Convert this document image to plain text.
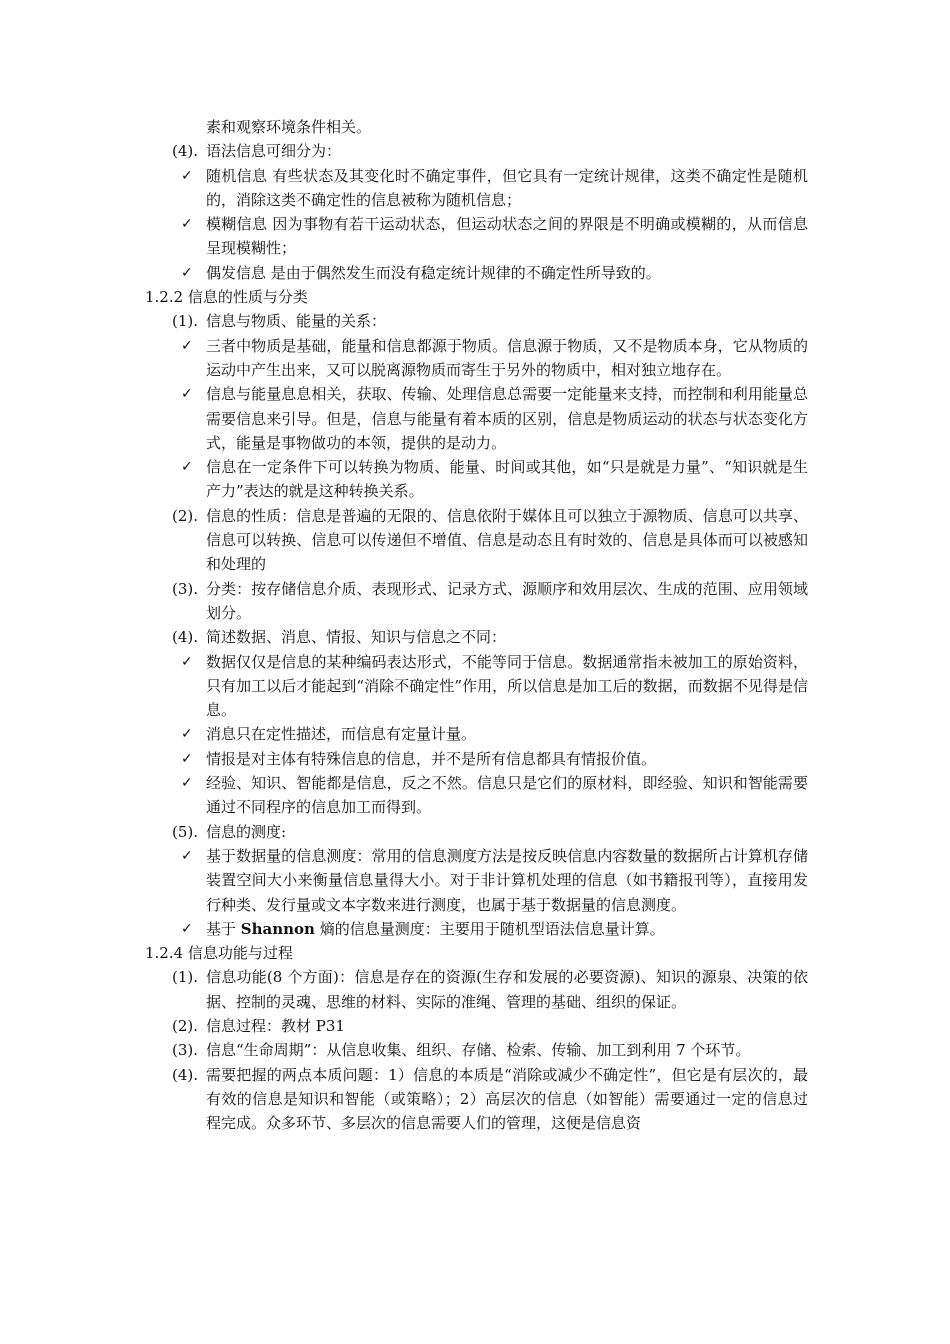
素和观察环境条件相关。
(4). 语法信息可细分为：
✓ 随机信息 有些状态及其变化时不确定事件，但它具有一定统计规律，这类不确定性是随机的，消除这类不确定性的信息被称为随机信息；
✓ 模糊信息 因为事物有若干运动状态，但运动状态之间的界限是不明确或模糊的，从而信息呈现模糊性；
✓ 偶发信息 是由于偶然发生而没有稳定统计规律的不确定性所导致的。
1.2.2 信息的性质与分类
(1). 信息与物质、能量的关系：
✓ 三者中物质是基础，能量和信息都源于物质。信息源于物质，又不是物质本身，它从物质的运动中产生出来，又可以脱离源物质而寄生于另外的物质中，相对独立地存在。
✓ 信息与能量息息相关，获取、传输、处理信息总需要一定能量来支持，而控制和利用能量总需要信息来引导。但是，信息与能量有着本质的区别，信息是物质运动的状态与状态变化方式，能量是事物做功的本领，提供的是动力。
✓ 信息在一定条件下可以转换为物质、能量、时间或其他，如“只是就是力量”、“知识就是生产力”表达的就是这种转换关系。
(2). 信息的性质：信息是普遍的无限的、信息依附于媒体且可以独立于源物质、信息可以共享、信息可以转换、信息可以传递但不增值、信息是动态且有时效的、信息是具体而可以被感知和处理的
(3). 分类：按存储信息介质、表现形式、记录方式、源顺序和效用层次、生成的范围、应用领域划分。
(4). 简述数据、消息、情报、知识与信息之不同：
✓ 数据仅仅是信息的某种编码表达形式，不能等同于信息。数据通常指未被加工的原始资料，只有加工以后才能起到“消除不确定性”作用，所以信息是加工后的数据，而数据不见得是信息。
✓ 消息只在定性描述，而信息有定量计量。
✓ 情报是对主体有特殊信息的信息，并不是所有信息都具有情报价值。
✓ 经验、知识、智能都是信息，反之不然。信息只是它们的原材料，即经验、知识和智能需要通过不同程序的信息加工而得到。
(5). 信息的测度:
✓ 基于数据量的信息测度：常用的信息测度方法是按反映信息内容数量的数据所占计算机存储装置空间大小来衡量信息量得大小。对于非计算机处理的信息（如书籍报刊等），直接用发行种类、发行量或文本字数来进行测度，也属于基于数据量的信息测度。
✓ 基于 Shannon 熵的信息量测度：主要用于随机型语法信息量计算。
1.2.4 信息功能与过程
(1). 信息功能(8 个方面)：信息是存在的资源(生存和发展的必要资源)、知识的源泉、决策的依据、控制的灵魂、思维的材料、实际的准绳、管理的基础、组织的保证。
(2). 信息过程：教材 P31
(3). 信息“生命周期”：从信息收集、组织、存储、检索、传输、加工到利用 7 个环节。
(4). 需要把握的两点本质问题：1）信息的本质是“消除或减少不确定性”，但它是有层次的，最有效的信息是知识和智能（或策略）；2）高层次的信息（如智能）需要通过一定的信息过程完成。众多环节、多层次的信息需要人们的管理，这便是信息资
